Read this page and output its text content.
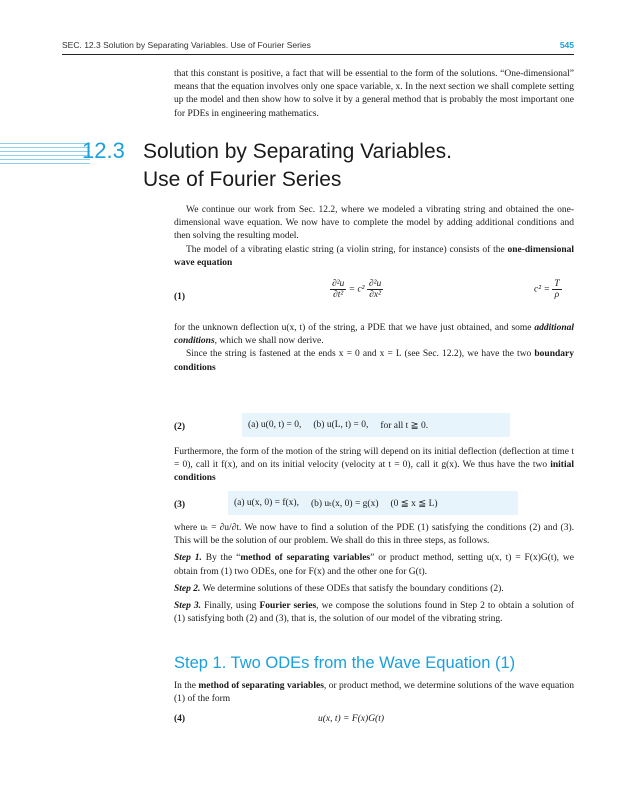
SEC. 12.3 Solution by Separating Variables. Use of Fourier Series	545

that this constant is positive, a fact that will be essential to the form of the solutions. “One-dimensional” means that the equation involves only one space variable, x. In the next section we shall complete setting up the model and then show how to solve it by a general method that is probably the most important one for PDEs in engineering mathematics.

12.3 Solution by Separating Variables.
Use of Fourier Series

We continue our work from Sec. 12.2, where we modeled a vibrating string and obtained the one-dimensional wave equation. We now have to complete the model by adding additional conditions and then solving the resulting model.

The model of a vibrating elastic string (a violin string, for instance) consists of the one-dimensional wave equation

(1)	$\frac{\text{∂²u}}{\text{∂t²}} = c^2 \frac{\text{∂²u}}{\text{∂x²}}$	$c^2 = \frac{T}{\rho}$

for the unknown deflection u(x, t) of the string, a PDE that we have just obtained, and some additional conditions, which we shall now derive.

Since the string is fastened at the ends x = 0 and x = L (see Sec. 12.2), we have the two boundary conditions

(2)	(a) u(0, t) = 0, (b) u(L, t) = 0, for all t ≧ 0.

Furthermore, the form of the motion of the string will depend on its initial deflection (deflection at time t = 0), call it f(x), and on its initial velocity (velocity at t = 0), call it g(x). We thus have the two initial conditions

(3)	(a) u(x, 0) = f(x), (b) uₜ(x, 0) = g(x) (0 ≦ x ≦ L)

where uₜ = ∂u/∂t. We now have to find a solution of the PDE (1) satisfying the conditions (2) and (3). This will be the solution of our problem. We shall do this in three steps, as follows.

Step 1. By the “method of separating variables” or product method, setting u(x, t) = F(x)G(t), we obtain from (1) two ODEs, one for F(x) and the other one for G(t).

Step 2. We determine solutions of these ODEs that satisfy the boundary conditions (2).

Step 3. Finally, using Fourier series, we compose the solutions found in Step 2 to obtain a solution of (1) satisfying both (2) and (3), that is, the solution of our model of the vibrating string.

Step 1. Two ODEs from the Wave Equation (1)

In the method of separating variables, or product method, we determine solutions of the wave equation (1) of the form

(4)	u(x, t) = F(x)G(t)
